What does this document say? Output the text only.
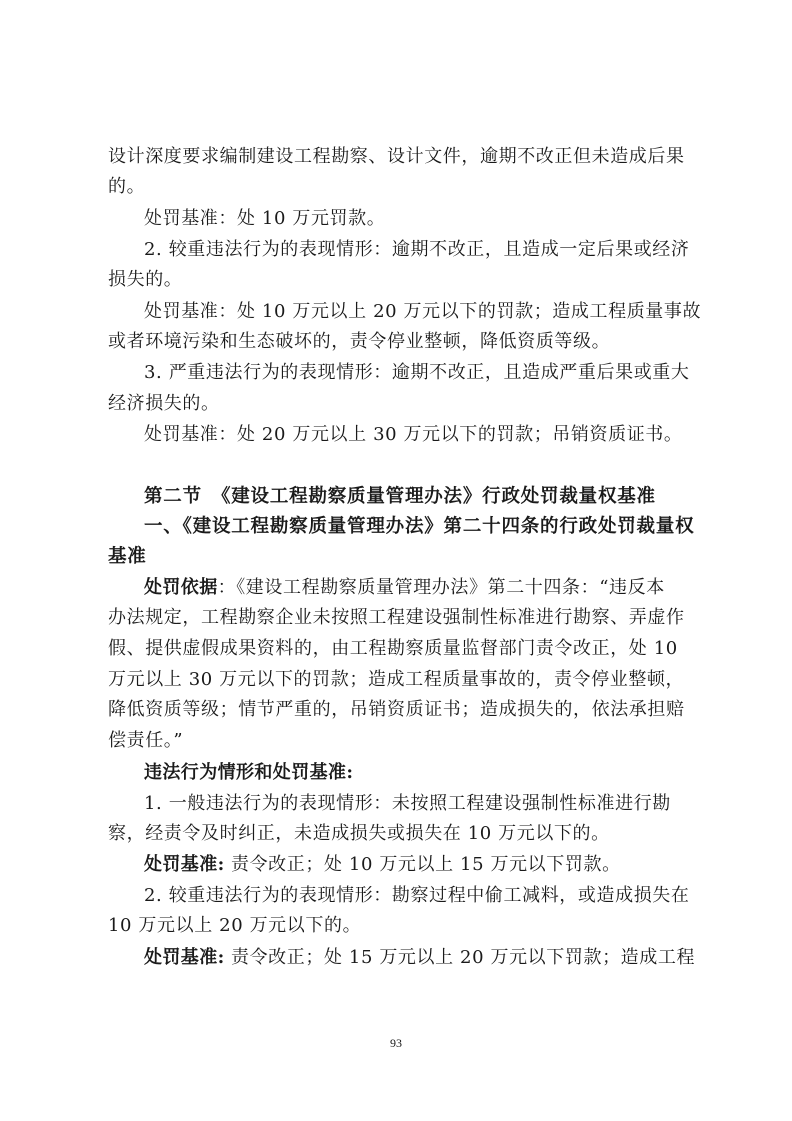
设计深度要求编制建设工程勘察、设计文件，逾期不改正但未造成后果
的。
处罚基准：处 10 万元罚款。
2. 较重违法行为的表现情形：逾期不改正，且造成一定后果或经济
损失的。
处罚基准：处 10 万元以上 20 万元以下的罚款；造成工程质量事故
或者环境污染和生态破坏的，责令停业整顿，降低资质等级。
3. 严重违法行为的表现情形：逾期不改正，且造成严重后果或重大
经济损失的。
处罚基准：处 20 万元以上 30 万元以下的罚款；吊销资质证书。
第二节　《建设工程勘察质量管理办法》行政处罚裁量权基准
一、《建设工程勘察质量管理办法》第二十四条的行政处罚裁量权
基准
处罚依据：《建设工程勘察质量管理办法》第二十四条：“违反本
办法规定，工程勘察企业未按照工程建设强制性标准进行勘察、弄虚作
假、提供虚假成果资料的，由工程勘察质量监督部门责令改正，处 10
万元以上 30 万元以下的罚款；造成工程质量事故的，责令停业整顿，
降低资质等级；情节严重的，吊销资质证书；造成损失的，依法承担赔
偿责任。”
违法行为情形和处罚基准:
1. 一般违法行为的表现情形：未按照工程建设强制性标准进行勘
察，经责令及时纠正，未造成损失或损失在 10 万元以下的。
处罚基准: 责令改正；处 10 万元以上 15 万元以下罚款。
2. 较重违法行为的表现情形：勘察过程中偷工减料，或造成损失在
10 万元以上 20 万元以下的。
处罚基准: 责令改正；处 15 万元以上 20 万元以下罚款；造成工程
93
